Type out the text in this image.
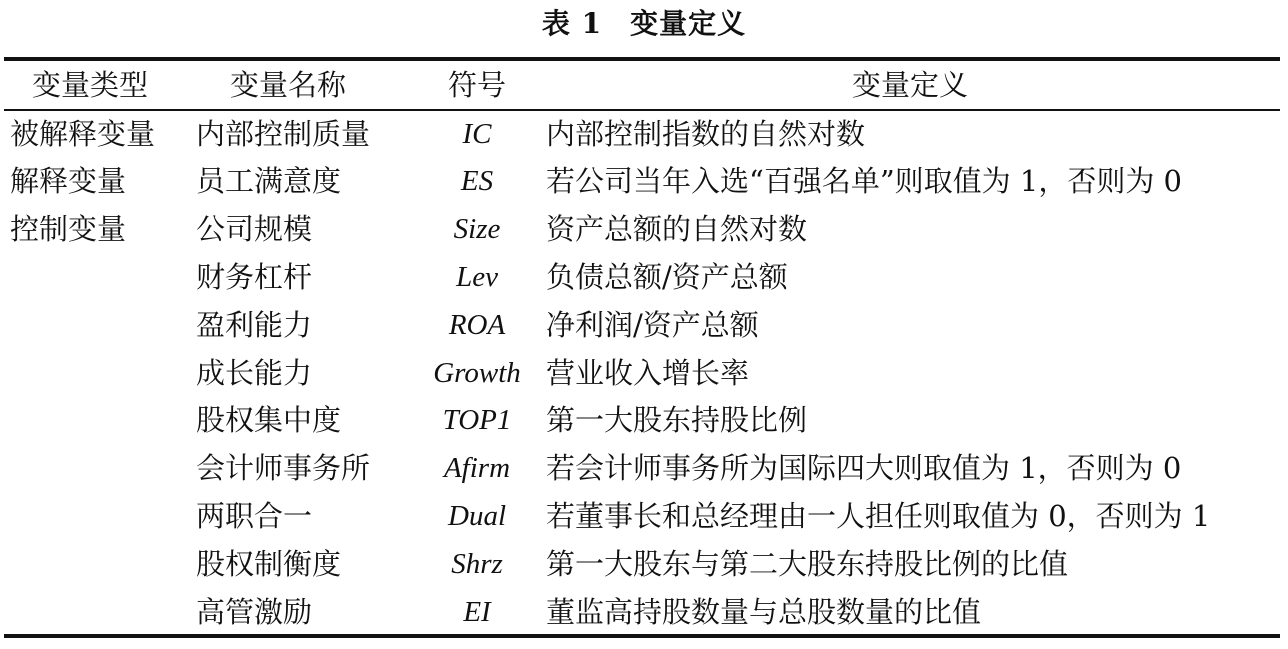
表 1 变量定义
变量类型	变量名称	符号	变量定义
被解释变量	内部控制质量	IC	内部控制指数的自然对数
解释变量	员工满意度	ES	若公司当年入选“百强名单”则取值为 1，否则为 0
控制变量	公司规模	Size	资产总额的自然对数
	财务杠杆	Lev	负债总额/资产总额
	盈利能力	ROA	净利润/资产总额
	成长能力	Growth	营业收入增长率
	股权集中度	TOP1	第一大股东持股比例
	会计师事务所	Afirm	若会计师事务所为国际四大则取值为 1，否则为 0
	两职合一	Dual	若董事长和总经理由一人担任则取值为 0，否则为 1
	股权制衡度	Shrz	第一大股东与第二大股东持股比例的比值
	高管激励	EI	董监高持股数量与总股数量的比值
